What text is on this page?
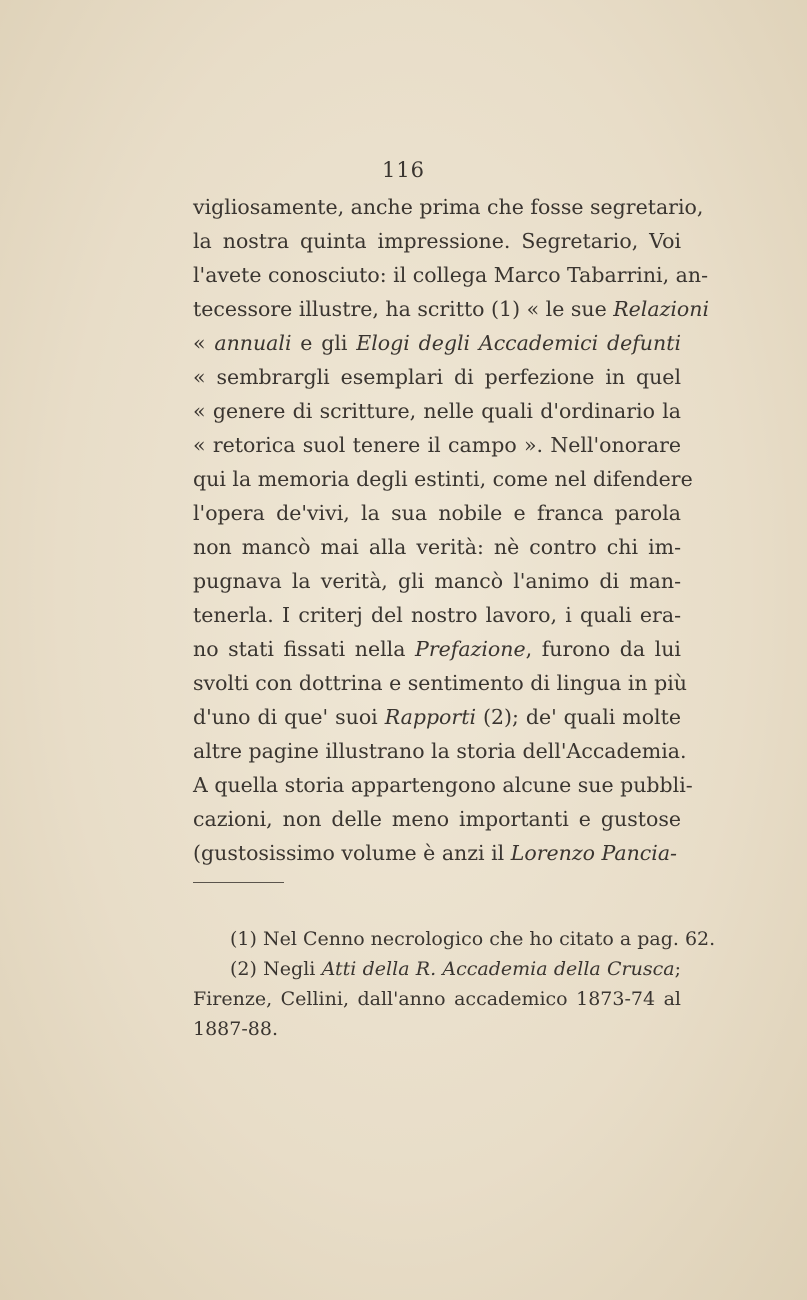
116
vigliosamente, anche prima che fosse segretario,
la nostra quinta impressione. Segretario, Voi
l'avete conosciuto: il collega Marco Tabarrini, an-
tecessore illustre, ha scritto (1) « le sue Relazioni
« annuali e gli Elogi degli Accademici defunti
« sembrargli esemplari di perfezione in quel
« genere di scritture, nelle quali d'ordinario la
« retorica suol tenere il campo ». Nell'onorare
qui la memoria degli estinti, come nel difendere
l'opera de'vivi, la sua nobile e franca parola
non mancò mai alla verità: nè contro chi im-
pugnava la verità, gli mancò l'animo di man-
tenerla. I criterj del nostro lavoro, i quali era-
no stati fissati nella Prefazione, furono da lui
svolti con dottrina e sentimento di lingua in più
d'uno di que' suoi Rapporti (2); de' quali molte
altre pagine illustrano la storia dell'Accademia.
A quella storia appartengono alcune sue pubbli-
cazioni, non delle meno importanti e gustose
(gustosissimo volume è anzi il Lorenzo Pancia-
(1) Nel Cenno necrologico che ho citato a pag. 62.
(2) Negli Atti della R. Accademia della Crusca;
Firenze, Cellini, dall'anno accademico 1873-74 al
1887-88.
